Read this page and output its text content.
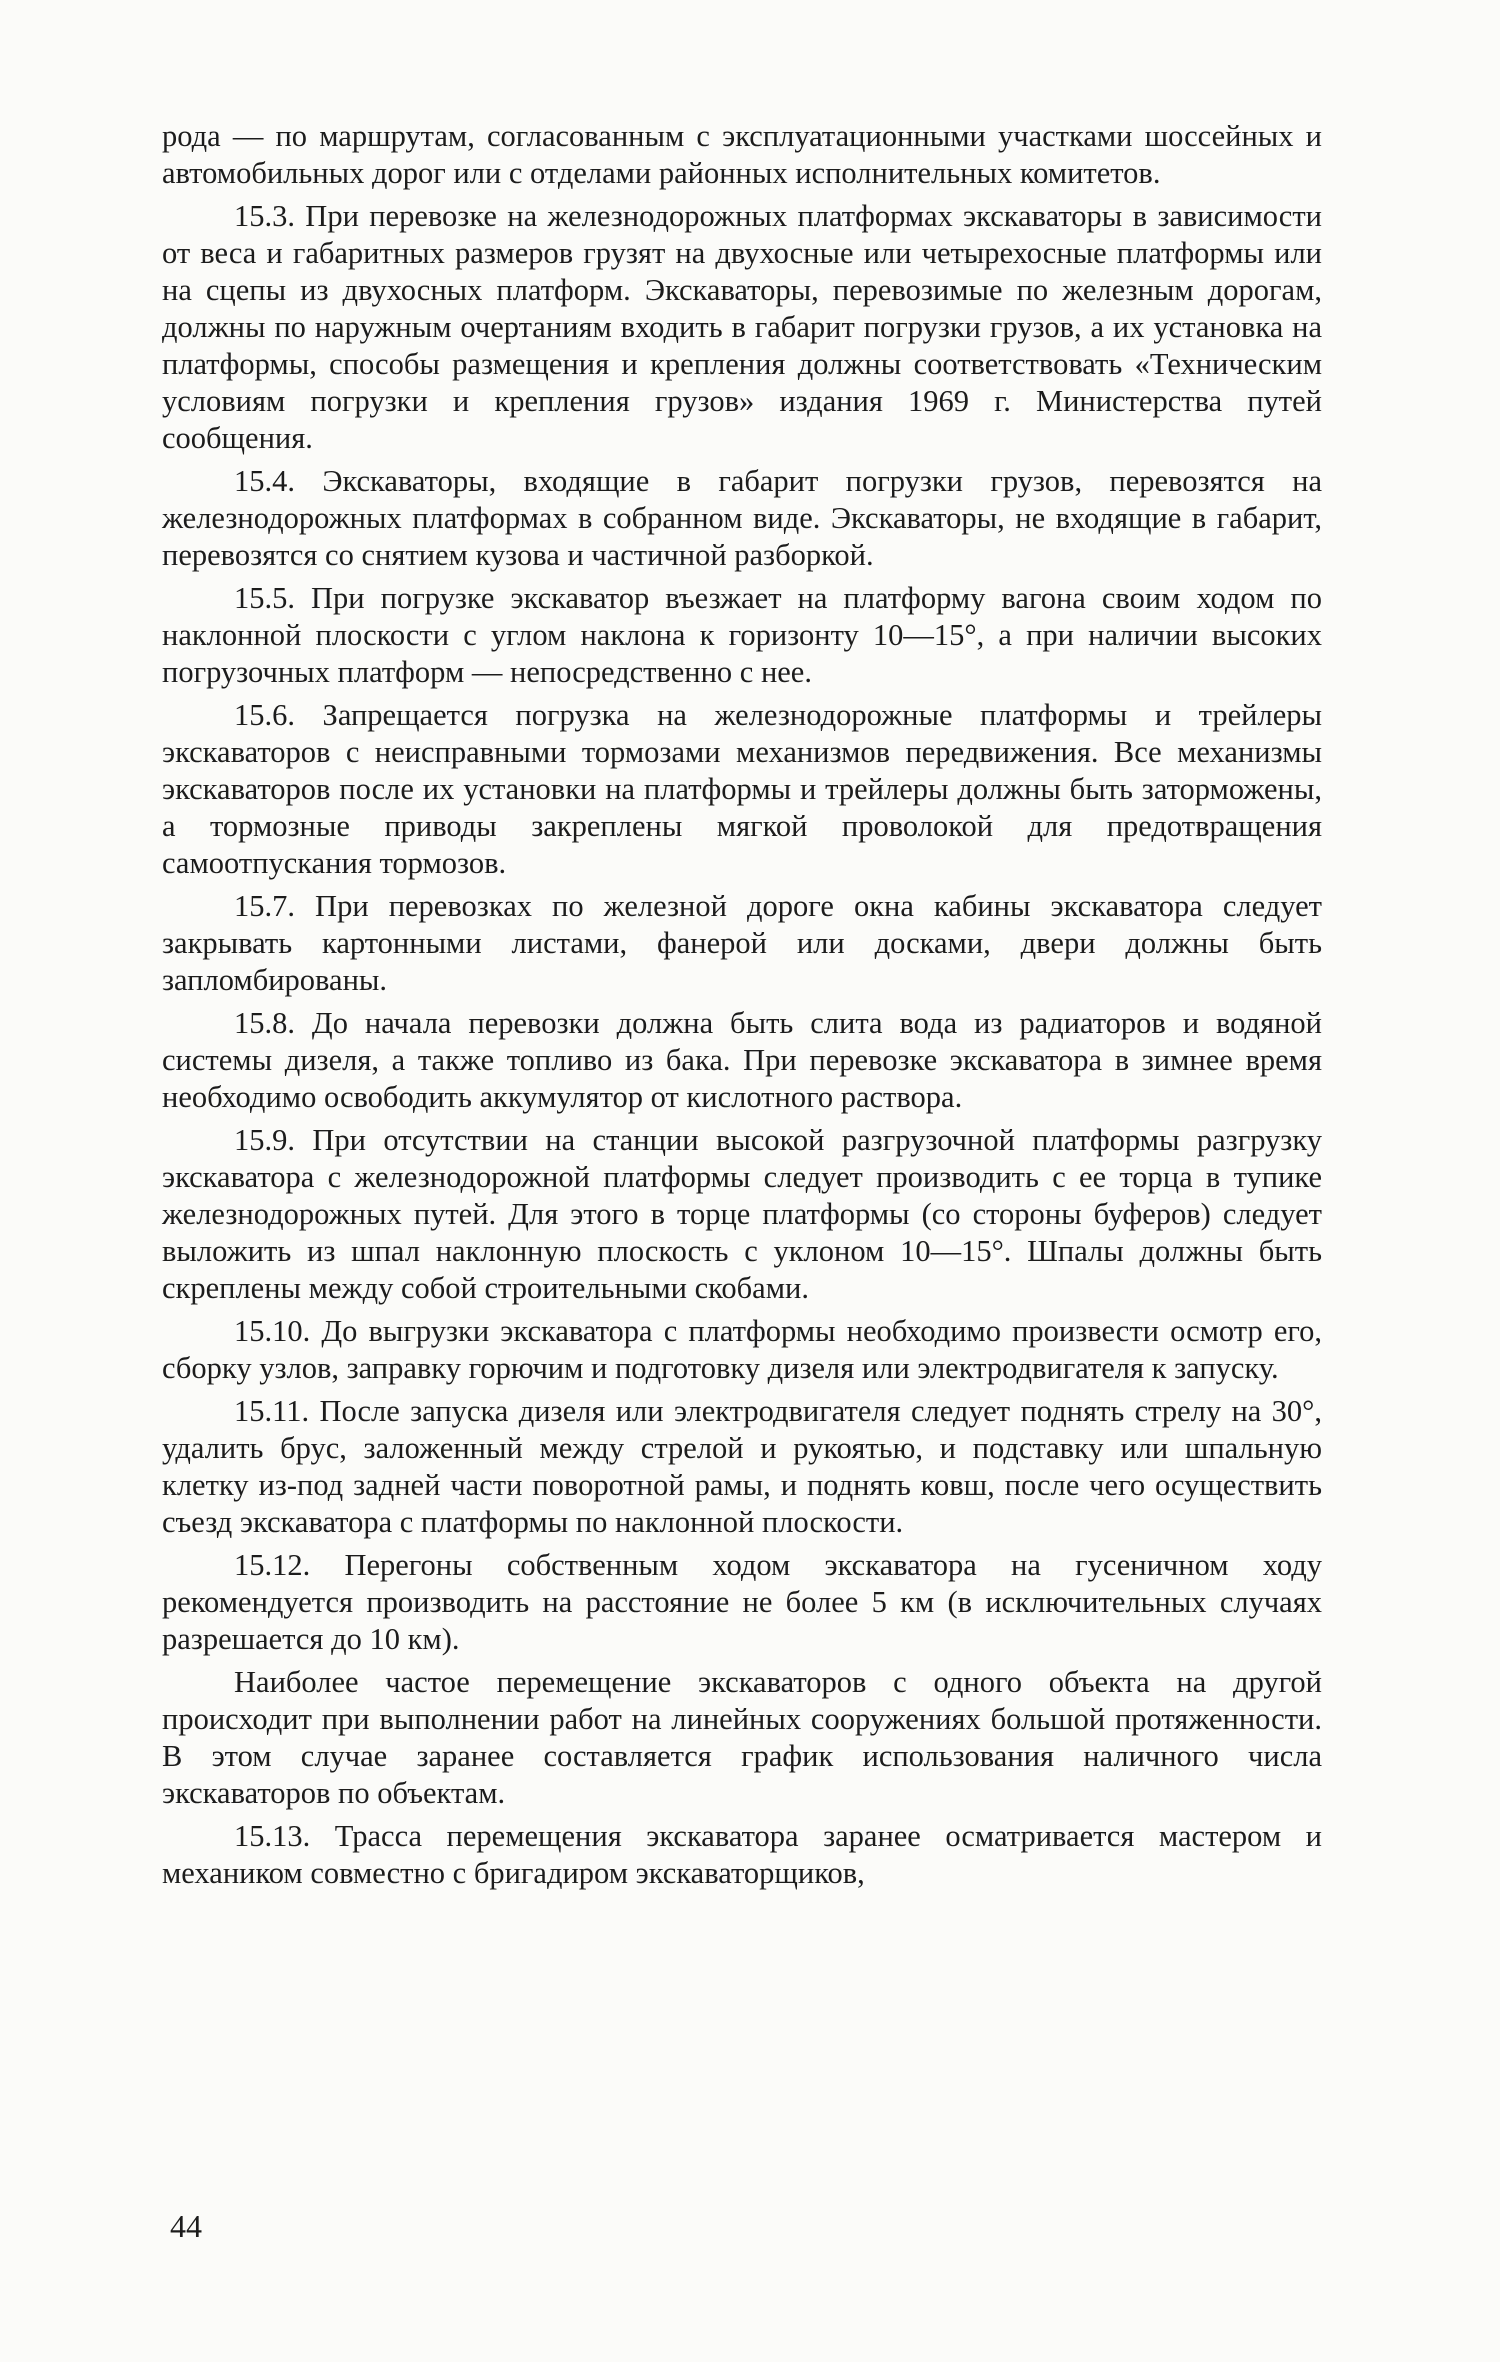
рода — по маршрутам, согласованным с эксплуатационными участками шоссейных и автомобильных дорог или с отделами районных исполнительных комитетов.

15.3. При перевозке на железнодорожных платформах экскаваторы в зависимости от веса и габаритных размеров грузят на двухосные или четырехосные платформы или на сцепы из двухосных платформ. Экскаваторы, перевозимые по железным дорогам, должны по наружным очертаниям входить в габарит погрузки грузов, а их установка на платформы, способы размещения и крепления должны соответствовать «Техническим условиям погрузки и крепления грузов» издания 1969 г. Министерства путей сообщения.

15.4. Экскаваторы, входящие в габарит погрузки грузов, перевозятся на железнодорожных платформах в собранном виде. Экскаваторы, не входящие в габарит, перевозятся со снятием кузова и частичной разборкой.

15.5. При погрузке экскаватор въезжает на платформу вагона своим ходом по наклонной плоскости с углом наклона к горизонту 10—15°, а при наличии высоких погрузочных платформ — непосредственно с нее.

15.6. Запрещается погрузка на железнодорожные платформы и трейлеры экскаваторов с неисправными тормозами механизмов передвижения. Все механизмы экскаваторов после их установки на платформы и трейлеры должны быть заторможены, а тормозные приводы закреплены мягкой проволокой для предотвращения самоотпускания тормозов.

15.7. При перевозках по железной дороге окна кабины экскаватора следует закрывать картонными листами, фанерой или досками, двери должны быть запломбированы.

15.8. До начала перевозки должна быть слита вода из радиаторов и водяной системы дизеля, а также топливо из бака. При перевозке экскаватора в зимнее время необходимо освободить аккумулятор от кислотного раствора.

15.9. При отсутствии на станции высокой разгрузочной платформы разгрузку экскаватора с железнодорожной платформы следует производить с ее торца в тупике железнодорожных путей. Для этого в торце платформы (со стороны буферов) следует выложить из шпал наклонную плоскость с уклоном 10—15°. Шпалы должны быть скреплены между собой строительными скобами.

15.10. До выгрузки экскаватора с платформы необходимо произвести осмотр его, сборку узлов, заправку горючим и подготовку дизеля или электродвигателя к запуску.

15.11. После запуска дизеля или электродвигателя следует поднять стрелу на 30°, удалить брус, заложенный между стрелой и рукоятью, и подставку или шпальную клетку из-под задней части поворотной рамы, и поднять ковш, после чего осуществить съезд экскаватора с платформы по наклонной плоскости.

15.12. Перегоны собственным ходом экскаватора на гусеничном ходу рекомендуется производить на расстояние не более 5 км (в исключительных случаях разрешается до 10 км).

Наиболее частое перемещение экскаваторов с одного объекта на другой происходит при выполнении работ на линейных сооружениях большой протяженности. В этом случае заранее составляется график использования наличного числа экскаваторов по объектам.

15.13. Трасса перемещения экскаватора заранее осматривается мастером и механиком совместно с бригадиром экскаваторщиков,

44
